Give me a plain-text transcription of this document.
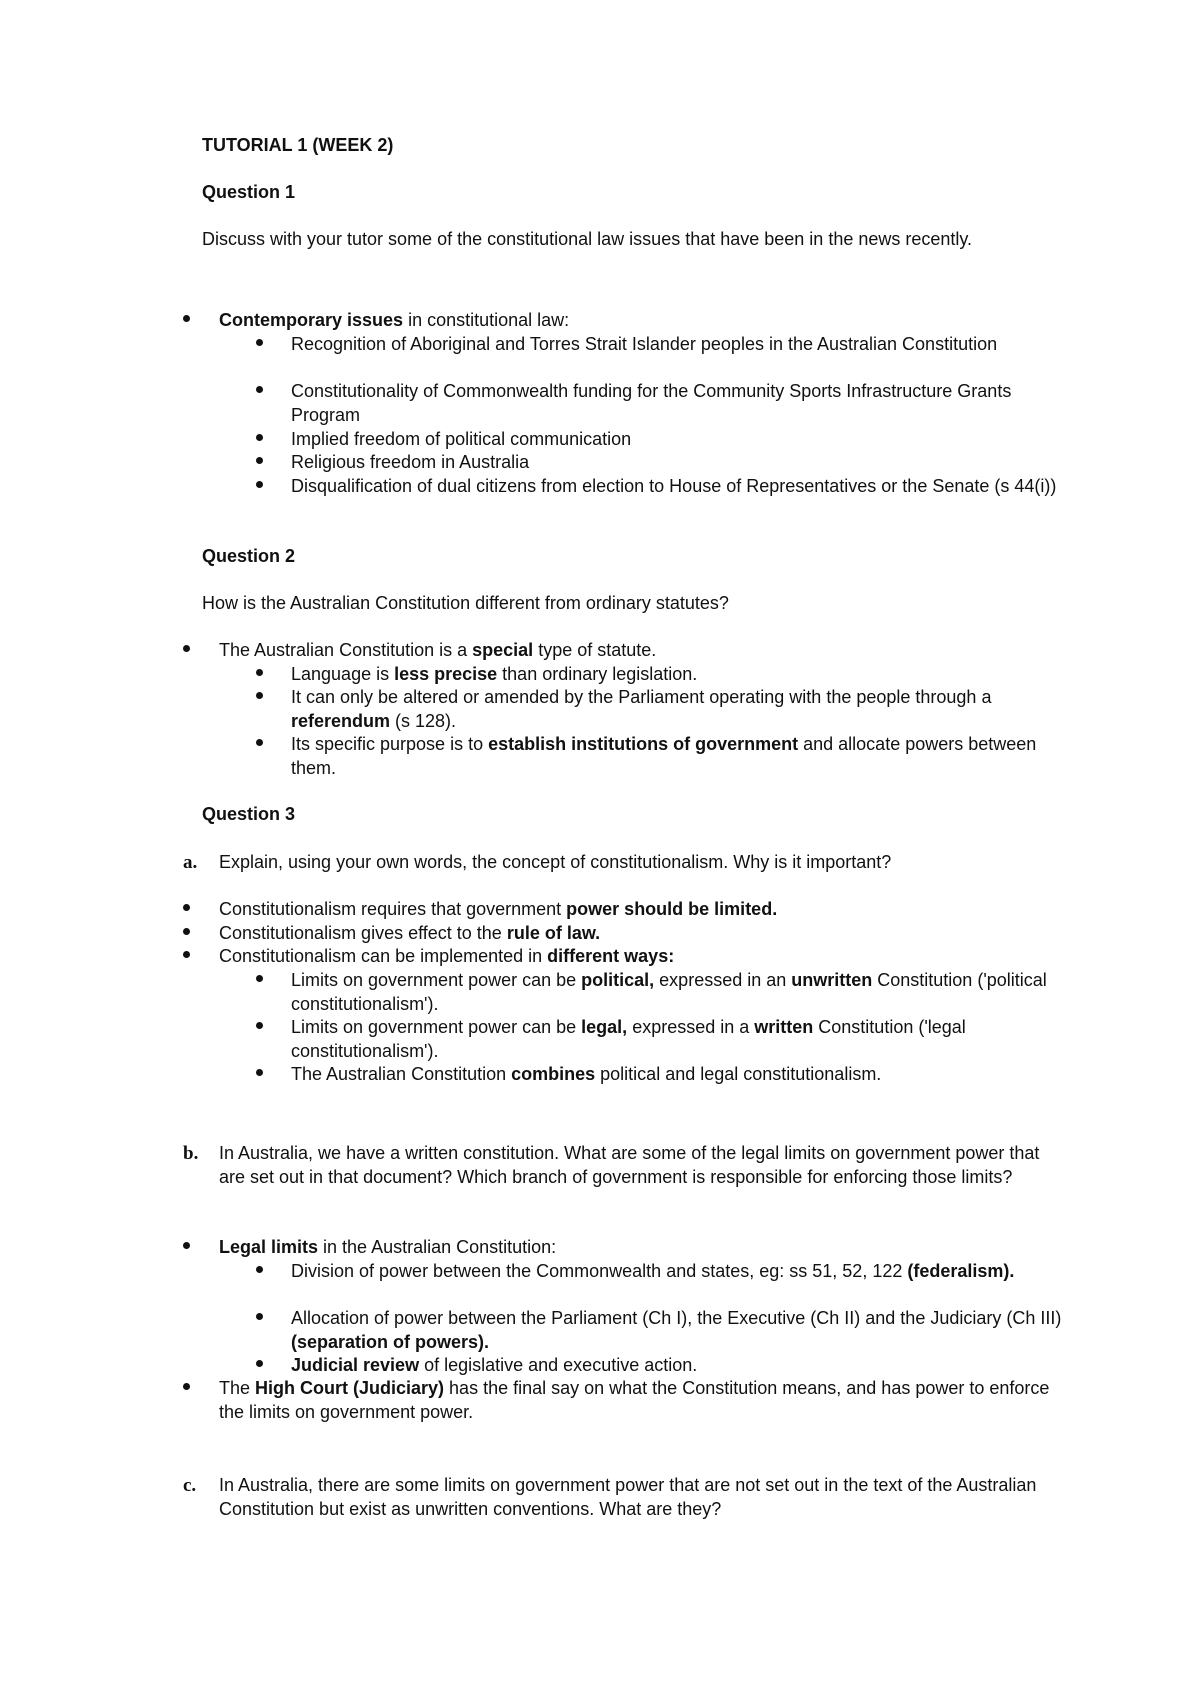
TUTORIAL 1 (WEEK 2)

Question 1

Discuss with your tutor some of the constitutional law issues that have been in the news recently.

Contemporary issues in constitutional law:

Recognition of Aboriginal and Torres Strait Islander peoples in the Australian Constitution

Constitutionality of Commonwealth funding for the Community Sports Infrastructure Grants Program

Implied freedom of political communication

Religious freedom in Australia

Disqualification of dual citizens from election to House of Representatives or the Senate (s 44(i))

Question 2

How is the Australian Constitution different from ordinary statutes?

The Australian Constitution is a special type of statute.

Language is less precise than ordinary legislation.

It can only be altered or amended by the Parliament operating with the people through a referendum (s 128).

Its specific purpose is to establish institutions of government and allocate powers between them.

Question 3

a. Explain, using your own words, the concept of constitutionalism. Why is it important?

Constitutionalism requires that government power should be limited.

Constitutionalism gives effect to the rule of law.

Constitutionalism can be implemented in different ways:

Limits on government power can be political, expressed in an unwritten Constitution ('political constitutionalism').

Limits on government power can be legal, expressed in a written Constitution ('legal constitutionalism').

The Australian Constitution combines political and legal constitutionalism.

b. In Australia, we have a written constitution. What are some of the legal limits on government power that are set out in that document? Which branch of government is responsible for enforcing those limits?

Legal limits in the Australian Constitution:

Division of power between the Commonwealth and states, eg: ss 51, 52, 122 (federalism).

Allocation of power between the Parliament (Ch I), the Executive (Ch II) and the Judiciary (Ch III) (separation of powers).

Judicial review of legislative and executive action.

The High Court (Judiciary) has the final say on what the Constitution means, and has power to enforce the limits on government power.

c. In Australia, there are some limits on government power that are not set out in the text of the Australian Constitution but exist as unwritten conventions. What are they?
